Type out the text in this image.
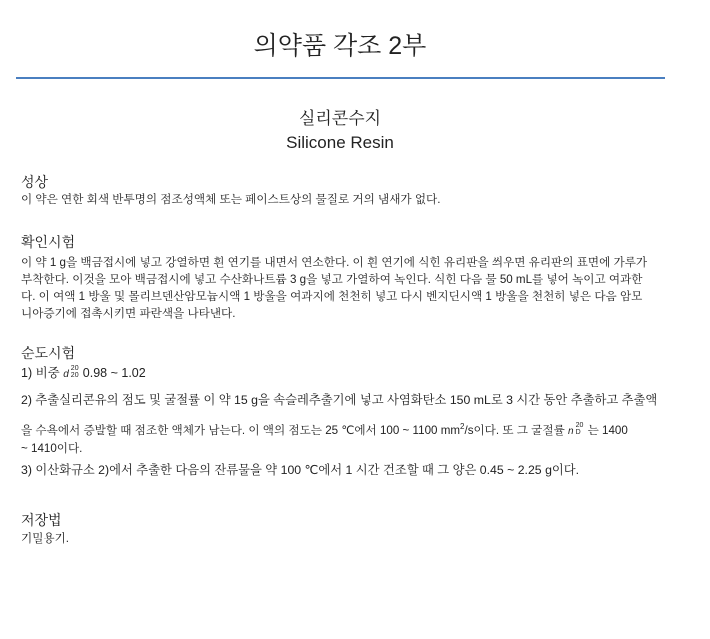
의약품 각조 2부
실리콘수지
Silicone Resin
성상
이 약은 연한 회색 반투명의 점조성액체 또는 페이스트상의 물질로 거의 냄새가 없다.
확인시험
이 약 1 g을 백금접시에 넣고 강열하면 흰 연기를 내면서 연소한다. 이 흰 연기에 식힌 유리판을 씌우면 유리판의 표면에 가루가
부착한다. 이것을 모아 백금접시에 넣고 수산화나트륨 3 g을 넣고 가열하여 녹인다. 식힌 다음 물 50 mL를 넣어 녹이고 여과한
다. 이 여액 1 방울 및 몰리브덴산암모늄시액 1 방울을 여과지에 천천히 넣고 다시 벤지딘시액 1 방울을 천천히 넣은 다음 암모
니아증기에 접촉시키면 파란색을 나타낸다.
순도시험
1) 비중 d
20
20 0.98 ~ 1.02
2) 추출실리콘유의 점도 및 굴절률 이 약 15 g을 속슬레추출기에 넣고 사염화탄소 150 mL로 3 시간 동안 추출하고 추출액
을 수욕에서 증발할 때 점조한 액체가 남는다. 이 액의 점도는 25 ℃에서 100 ~ 1100 $mm^2/s$이다. 또 그 굴절률 n
20
D 는 1400
~ 1410이다.
3) 이산화규소 2)에서 추출한 다음의 잔류물을 약 100 ℃에서 1 시간 건조할 때 그 양은 0.45 ~ 2.25 g이다.
저장법
기밀용기.
